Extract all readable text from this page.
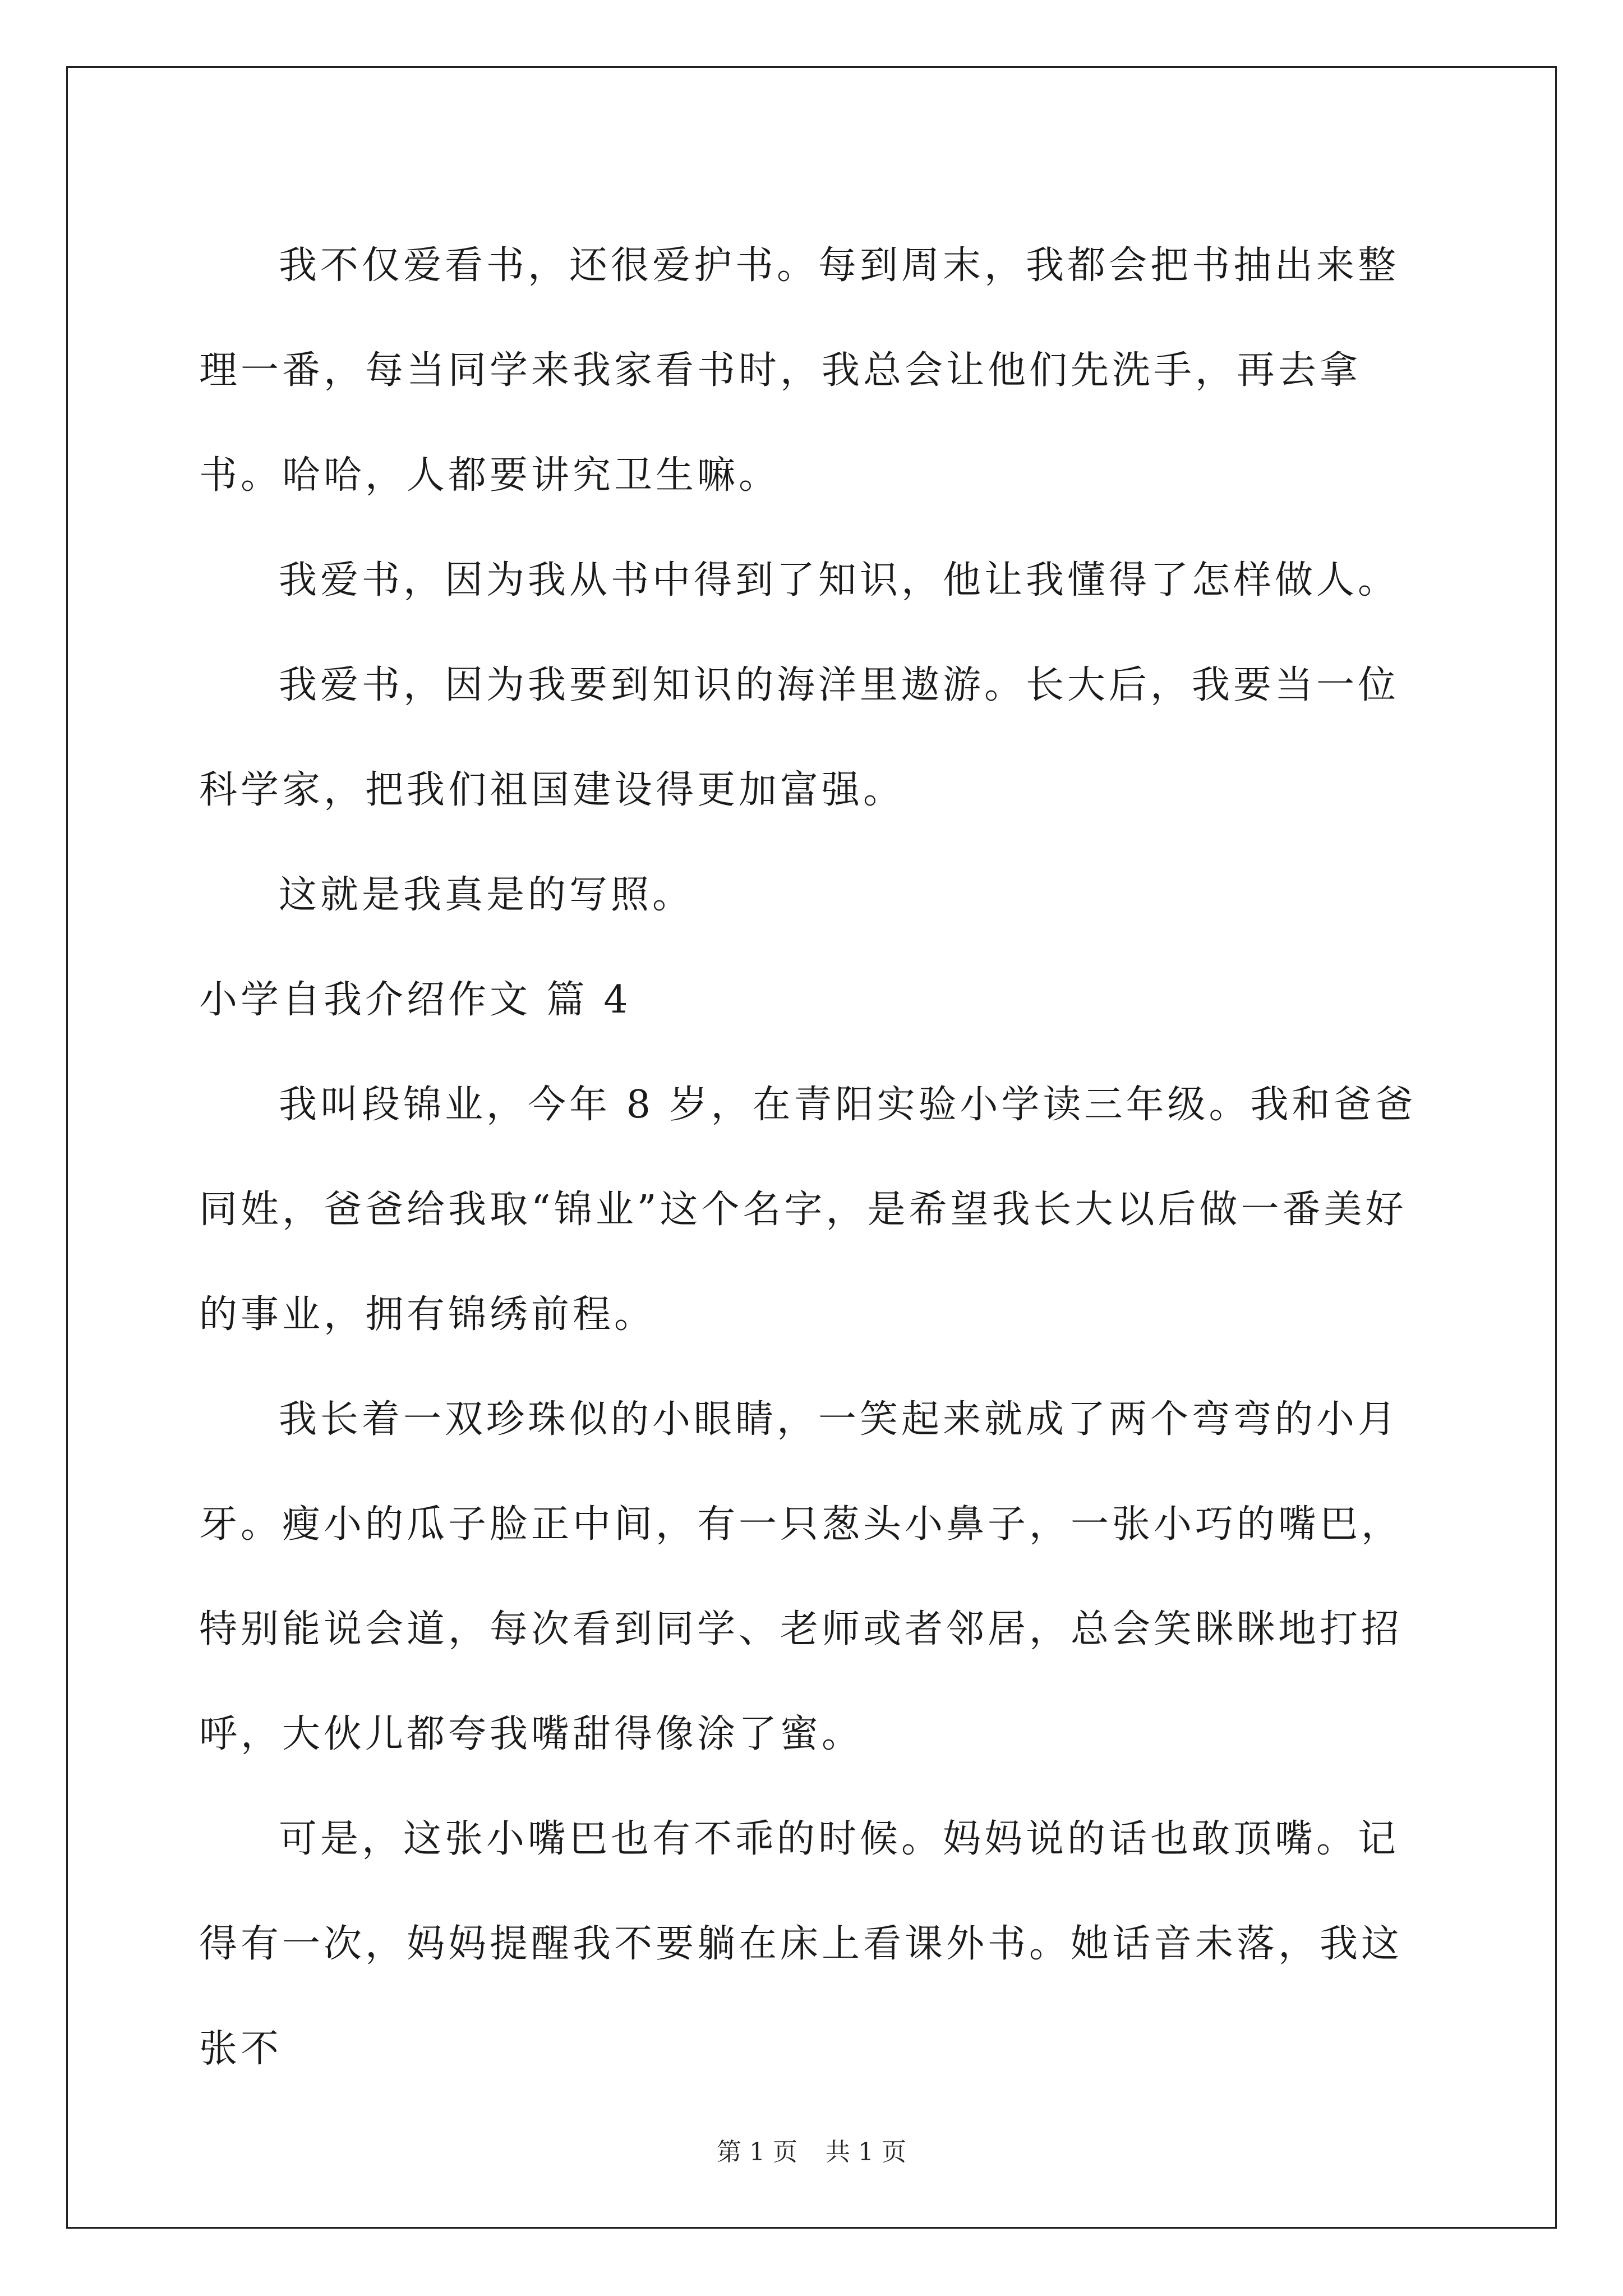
我不仅爱看书，还很爱护书。每到周末，我都会把书抽出来整理一番，每当同学来我家看书时，我总会让他们先洗手，再去拿书。哈哈，人都要讲究卫生嘛。

我爱书，因为我从书中得到了知识，他让我懂得了怎样做人。

我爱书，因为我要到知识的海洋里遨游。长大后，我要当一位科学家，把我们祖国建设得更加富强。

这就是我真是的写照。

小学自我介绍作文 篇 4

我叫段锦业，今年 8 岁，在青阳实验小学读三年级。我和爸爸同姓，爸爸给我取“锦业”这个名字，是希望我长大以后做一番美好的事业，拥有锦绣前程。

我长着一双珍珠似的小眼睛，一笑起来就成了两个弯弯的小月牙。瘦小的瓜子脸正中间，有一只葱头小鼻子，一张小巧的嘴巴，特别能说会道，每次看到同学、老师或者邻居，总会笑眯眯地打招呼，大伙儿都夸我嘴甜得像涂了蜜。

可是，这张小嘴巴也有不乖的时候。妈妈说的话也敢顶嘴。记得有一次，妈妈提醒我不要躺在床上看课外书。她话音未落，我这张不

第 1 页 共 1 页
